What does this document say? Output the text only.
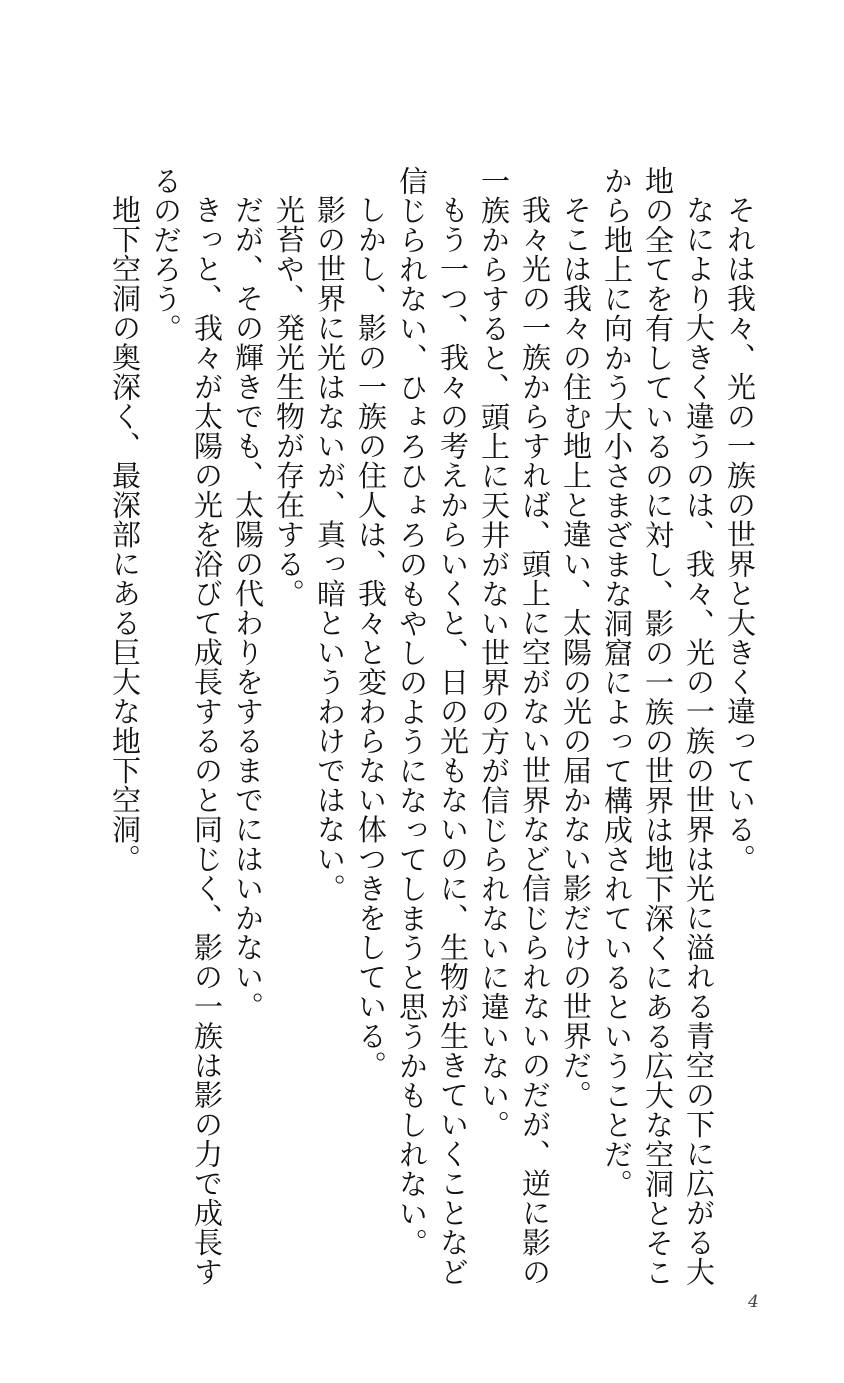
それは我々、光の一族の世界と大きく違っている。

なにより大きく違うのは、我々、光の一族の世界は光に溢れる青空の下に広がる大地の全てを有しているのに対し、影の一族の世界は地下深くにある広大な空洞とそこから地上に向かう大小さまざまな洞窟によって構成されているということだ。

そこは我々の住む地上と違い、太陽の光の届かない影だけの世界だ。

我々光の一族からすれば、頭上に空がない世界など信じられないのだが、逆に影の一族からすると、頭上に天井がない世界の方が信じられないに違いない。

もう一つ、我々の考えからいくと、日の光もないのに、生物が生きていくことなど信じられない、ひょろひょろのもやしのようになってしまうと思うかもしれない。

しかし、影の一族の住人は、我々と変わらない体つきをしている。

影の世界に光はないが、真っ暗というわけではない。

光苔や、発光生物が存在する。

だが、その輝きでも、太陽の代わりをするまでにはいかない。

きっと、我々が太陽の光を浴びて成長するのと同じく、影の一族は影の力で成長するのだろう。

地下空洞の奥深く、最深部にある巨大な地下空洞。

4
